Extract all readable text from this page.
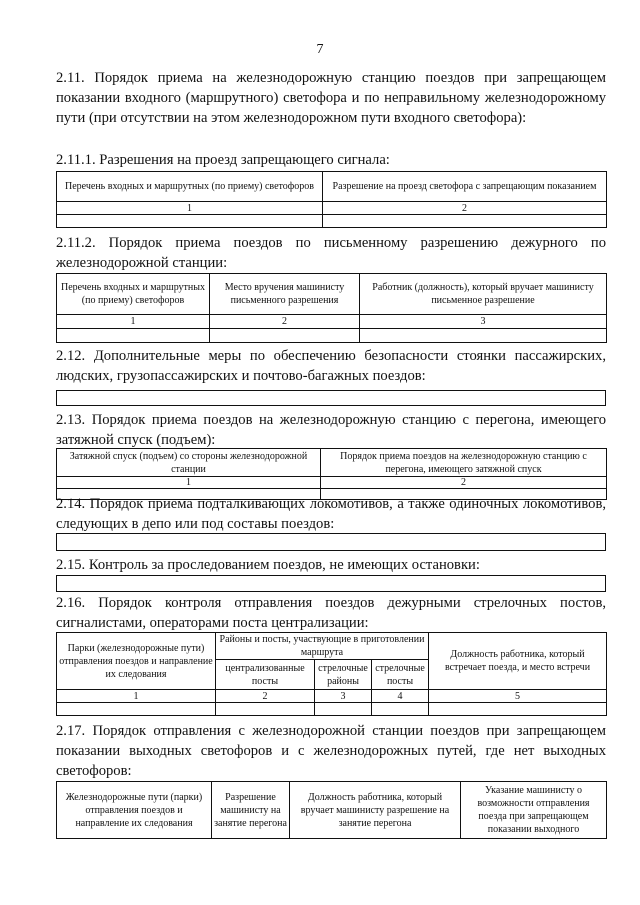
7
2.11. Порядок приема на железнодорожную станцию поездов при запрещающем показании входного (маршрутного) светофора и по неправильному железнодорожному пути (при отсутствии на этом железнодорожном пути входного светофора):
2.11.1. Разрешения на проезд запрещающего сигнала:
Перечень входных и маршрутных (по приему) светофоров	Разрешение на проезд светофора с запрещающим показанием
1	2

2.11.2. Порядок приема поездов по письменному разрешению дежурного по железнодорожной станции:
Перечень входных и маршрутных (по приему) светофоров	Место вручения машинисту письменного разрешения	Работник (должность), который вручает машинисту письменное разрешение
1	2	3

2.12. Дополнительные меры по обеспечению безопасности стоянки пассажирских, людских, грузопассажирских и почтово-багажных поездов:
2.13. Порядок приема поездов на железнодорожную станцию с перегона, имеющего затяжной спуск (подъем):
Затяжной спуск (подъем) со стороны железнодорожной станции	Порядок приема поездов на железнодорожную станцию с перегона, имеющего затяжной спуск
1	2

2.14. Порядок приема подталкивающих локомотивов, а также одиночных локомотивов, следующих в депо или под составы поездов:
2.15. Контроль за проследованием поездов, не имеющих остановки:
2.16. Порядок контроля отправления поездов дежурными стрелочных постов, сигналистами, операторами поста централизации:
Парки (железнодорожные пути) отправления поездов и направление их следования	Районы и посты, участвующие в приготовлении маршрута			Должность работника, который встречает поезда, и место встречи
	централизованные посты	стрелочные районы	стрелочные посты	
1	2	3	4	5

2.17. Порядок отправления с железнодорожной станции поездов при запрещающем показании выходных светофоров и с железнодорожных путей, где нет выходных светофоров:
Железнодорожные пути (парки) отправления поездов и направление их следования	Разрешение машинисту на занятие перегона	Должность работника, который вручает машинисту разрешение на занятие перегона	Указание машинисту о возможности отправления поезда при запрещающем показании выходного
